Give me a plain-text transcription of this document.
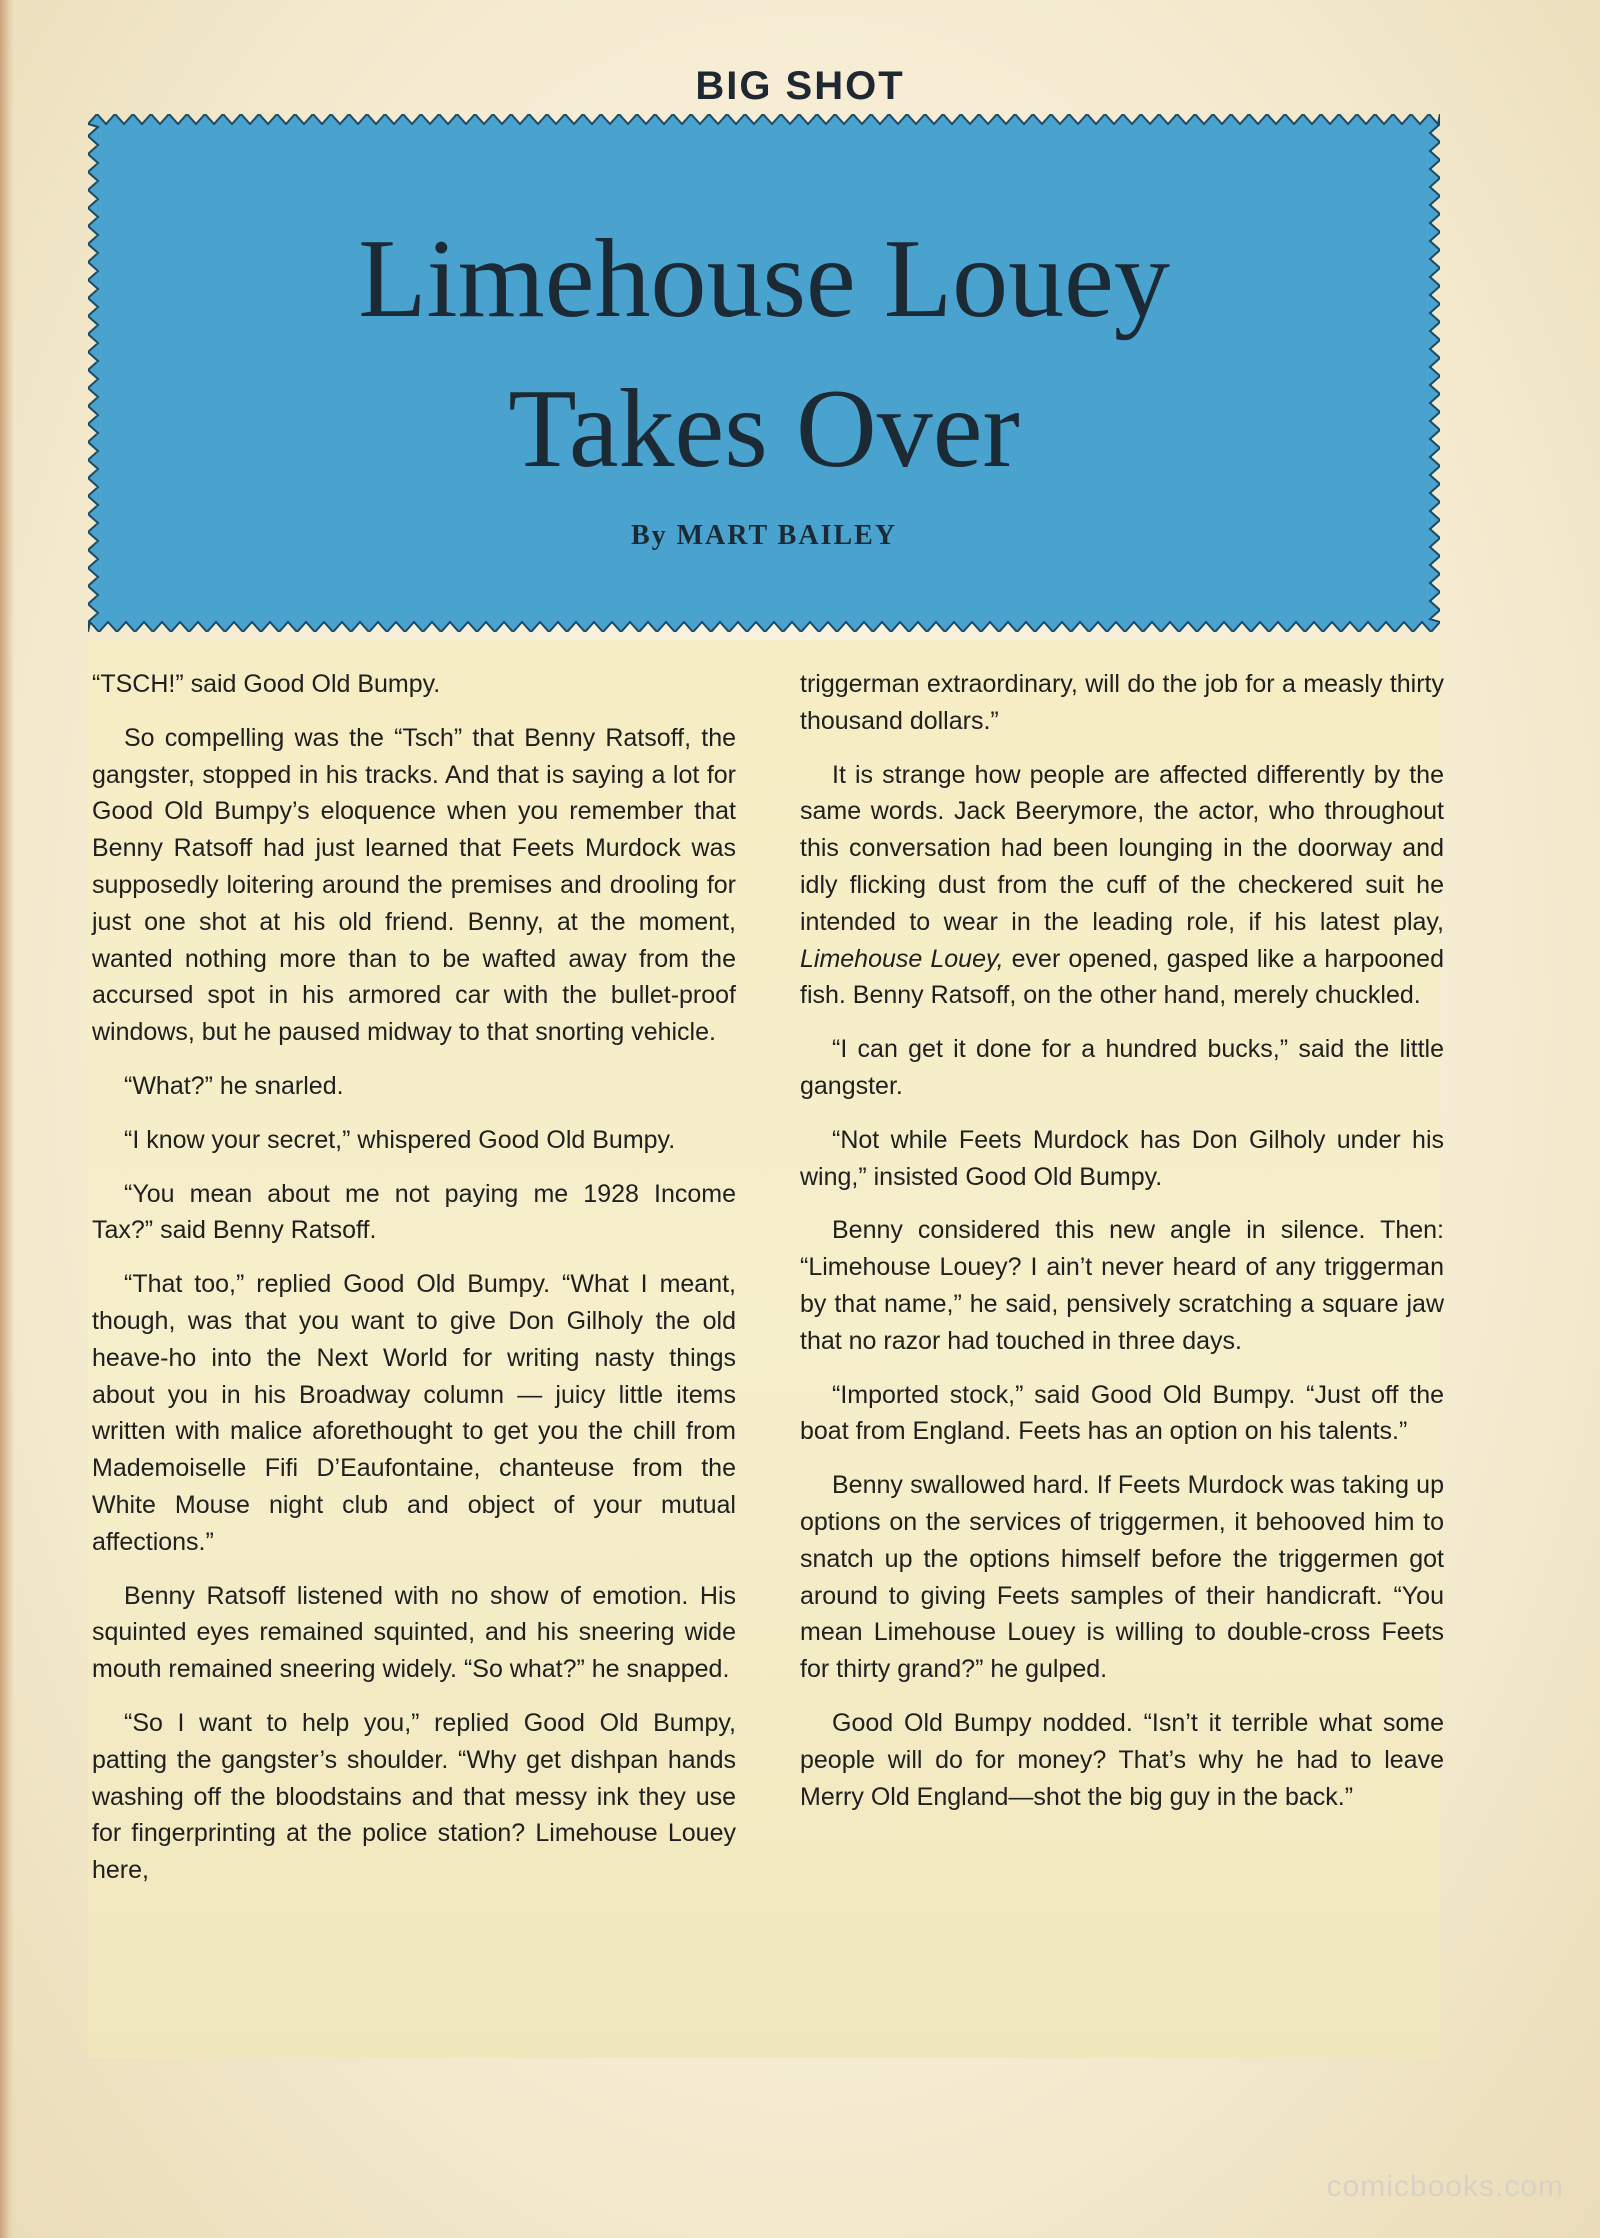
BIG SHOT
Limehouse Louey
Takes Over
By MART BAILEY

“TSCH!” said Good Old Bumpy.

So compelling was the “Tsch” that Benny Ratsoff, the gangster, stopped in his tracks. And that is saying a lot for Good Old Bumpy’s eloquence when you remember that Benny Ratsoff had just learned that Feets Murdock was supposedly loitering around the premises and drooling for just one shot at his old friend. Benny, at the moment, wanted nothing more than to be wafted away from the accursed spot in his armored car with the bullet-proof windows, but he paused midway to that snorting vehicle.

“What?” he snarled.

“I know your secret,” whispered Good Old Bumpy.

“You mean about me not paying me 1928 Income Tax?” said Benny Ratsoff.

“That too,” replied Good Old Bumpy. “What I meant, though, was that you want to give Don Gilholy the old heave-ho into the Next World for writing nasty things about you in his Broadway column — juicy little items written with malice aforethought to get you the chill from Mademoiselle Fifi D’Eaufontaine, chanteuse from the White Mouse night club and object of your mutual affections.”

Benny Ratsoff listened with no show of emotion. His squinted eyes remained squinted, and his sneering wide mouth remained sneering widely. “So what?” he snapped.

“So I want to help you,” replied Good Old Bumpy, patting the gangster’s shoulder. “Why get dishpan hands washing off the bloodstains and that messy ink they use for fingerprinting at the police station? Limehouse Louey here,

triggerman extraordinary, will do the job for a measly thirty thousand dollars.”

It is strange how people are affected differently by the same words. Jack Beerymore, the actor, who throughout this conversation had been lounging in the doorway and idly flicking dust from the cuff of the checkered suit he intended to wear in the leading role, if his latest play, Limehouse Louey, ever opened, gasped like a harpooned fish. Benny Ratsoff, on the other hand, merely chuckled.

“I can get it done for a hundred bucks,” said the little gangster.

“Not while Feets Murdock has Don Gilholy under his wing,” insisted Good Old Bumpy.

Benny considered this new angle in silence. Then: “Limehouse Louey? I ain’t never heard of any triggerman by that name,” he said, pensively scratching a square jaw that no razor had touched in three days.

“Imported stock,” said Good Old Bumpy. “Just off the boat from England. Feets has an option on his talents.”

Benny swallowed hard. If Feets Murdock was taking up options on the services of triggermen, it behooved him to snatch up the options himself before the triggermen got around to giving Feets samples of their handicraft. “You mean Limehouse Louey is willing to double-cross Feets for thirty grand?” he gulped.

Good Old Bumpy nodded. “Isn’t it terrible what some people will do for money? That’s why he had to leave Merry Old England—shot the big guy in the back.”

comicbooks.com
